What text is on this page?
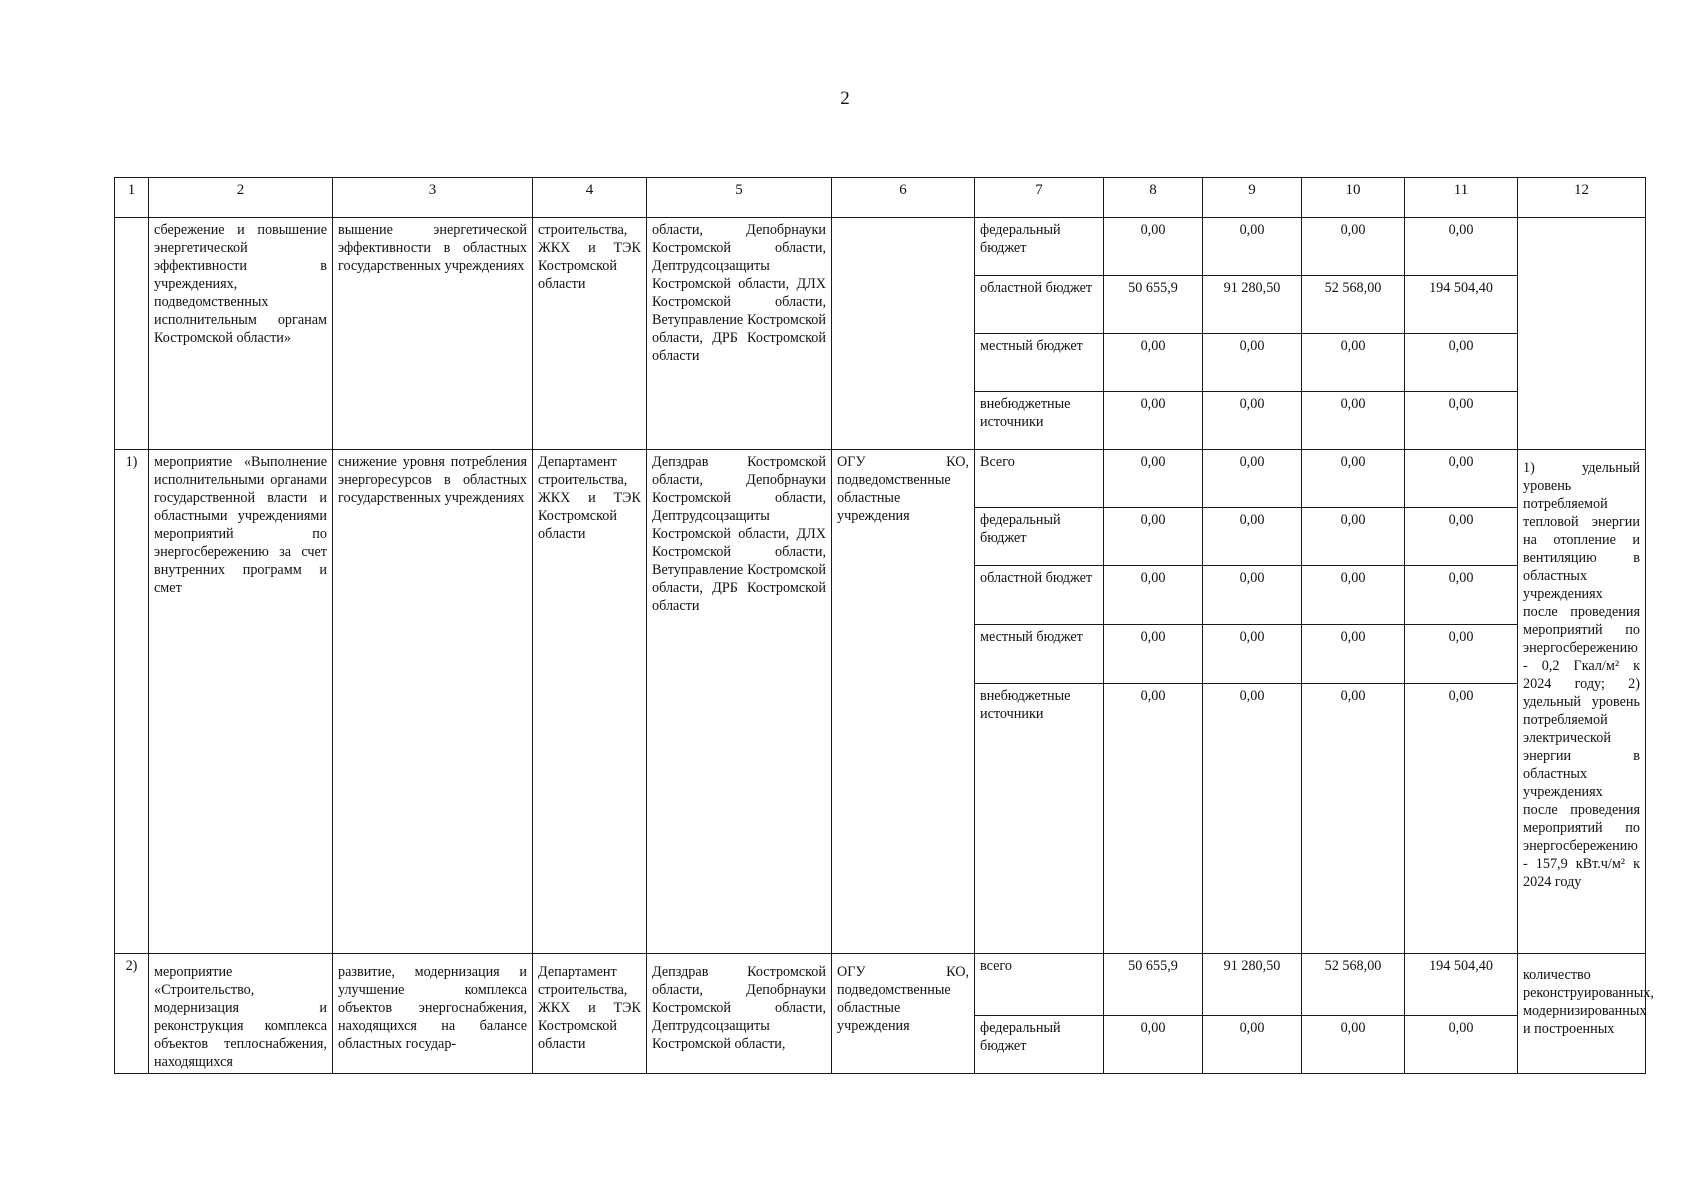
2
1	2	3	4	5	6	7	8	9	10	11	12
	сбережение и повышение энергетической эффективности в учреждениях, подведомственных исполнительным органам Костромской области»	вышение энергетической эффективности в областных государственных учреждениях	строительства, ЖКХ и ТЭК Костромской области	области, Депобрнауки Костромской области, Дептрудсоцзащиты Костромской области, ДЛХ Костромской области, Ветуправление Костромской области, ДРБ Костромской области		федеральный бюджет	0,00	0,00	0,00	0,00	
						областной бюджет	50 655,9	91 280,50	52 568,00	194 504,40	
						местный бюджет	0,00	0,00	0,00	0,00	
						внебюджетные источники	0,00	0,00	0,00	0,00	
1)	мероприятие «Выполнение исполнительными органами государственной власти и областными учреждениями мероприятий по энергосбережению за счет внутренних программ и смет	снижение уровня потребления энергоресурсов в областных государственных учреждениях	Департамент строительства, ЖКХ и ТЭК Костромской области	Депздрав Костромской области, Депобрнауки Костромской области, Дептрудсоцзащиты Костромской области, ДЛХ Костромской области, Ветуправление Костромской области, ДРБ Костромской области	ОГУ КО, подведомственные областные учреждения	Всего	0,00	0,00	0,00	0,00	1) удельный уровень потребляемой тепловой энергии на отопление и вентиляцию в областных учреждениях после проведения мероприятий по энергосбережению - 0,2 Гкал/м² к 2024 году; 2) удельный уровень потребляемой электрической энергии в областных учреждениях после проведения мероприятий по энергосбережению - 157,9 кВт.ч/м² к 2024 году
						федеральный бюджет	0,00	0,00	0,00	0,00	
						областной бюджет	0,00	0,00	0,00	0,00	
						местный бюджет	0,00	0,00	0,00	0,00	
						внебюджетные источники	0,00	0,00	0,00	0,00	
2)	мероприятие «Строительство, модернизация и реконструкция комплекса объектов теплоснабжения, находящихся	развитие, модернизация и улучшение комплекса объектов энергоснабжения, находящихся на балансе областных государ-	Департамент строительства, ЖКХ и ТЭК Костромской области	Депздрав Костромской области, Депобрнауки Костромской области, Дептрудсоцзащиты Костромской области,	ОГУ КО, подведомственные областные учреждения	всего	50 655,9	91 280,50	52 568,00	194 504,40	количество реконструированных, модернизированных и построенных
						федеральный бюджет	0,00	0,00	0,00	0,00	
